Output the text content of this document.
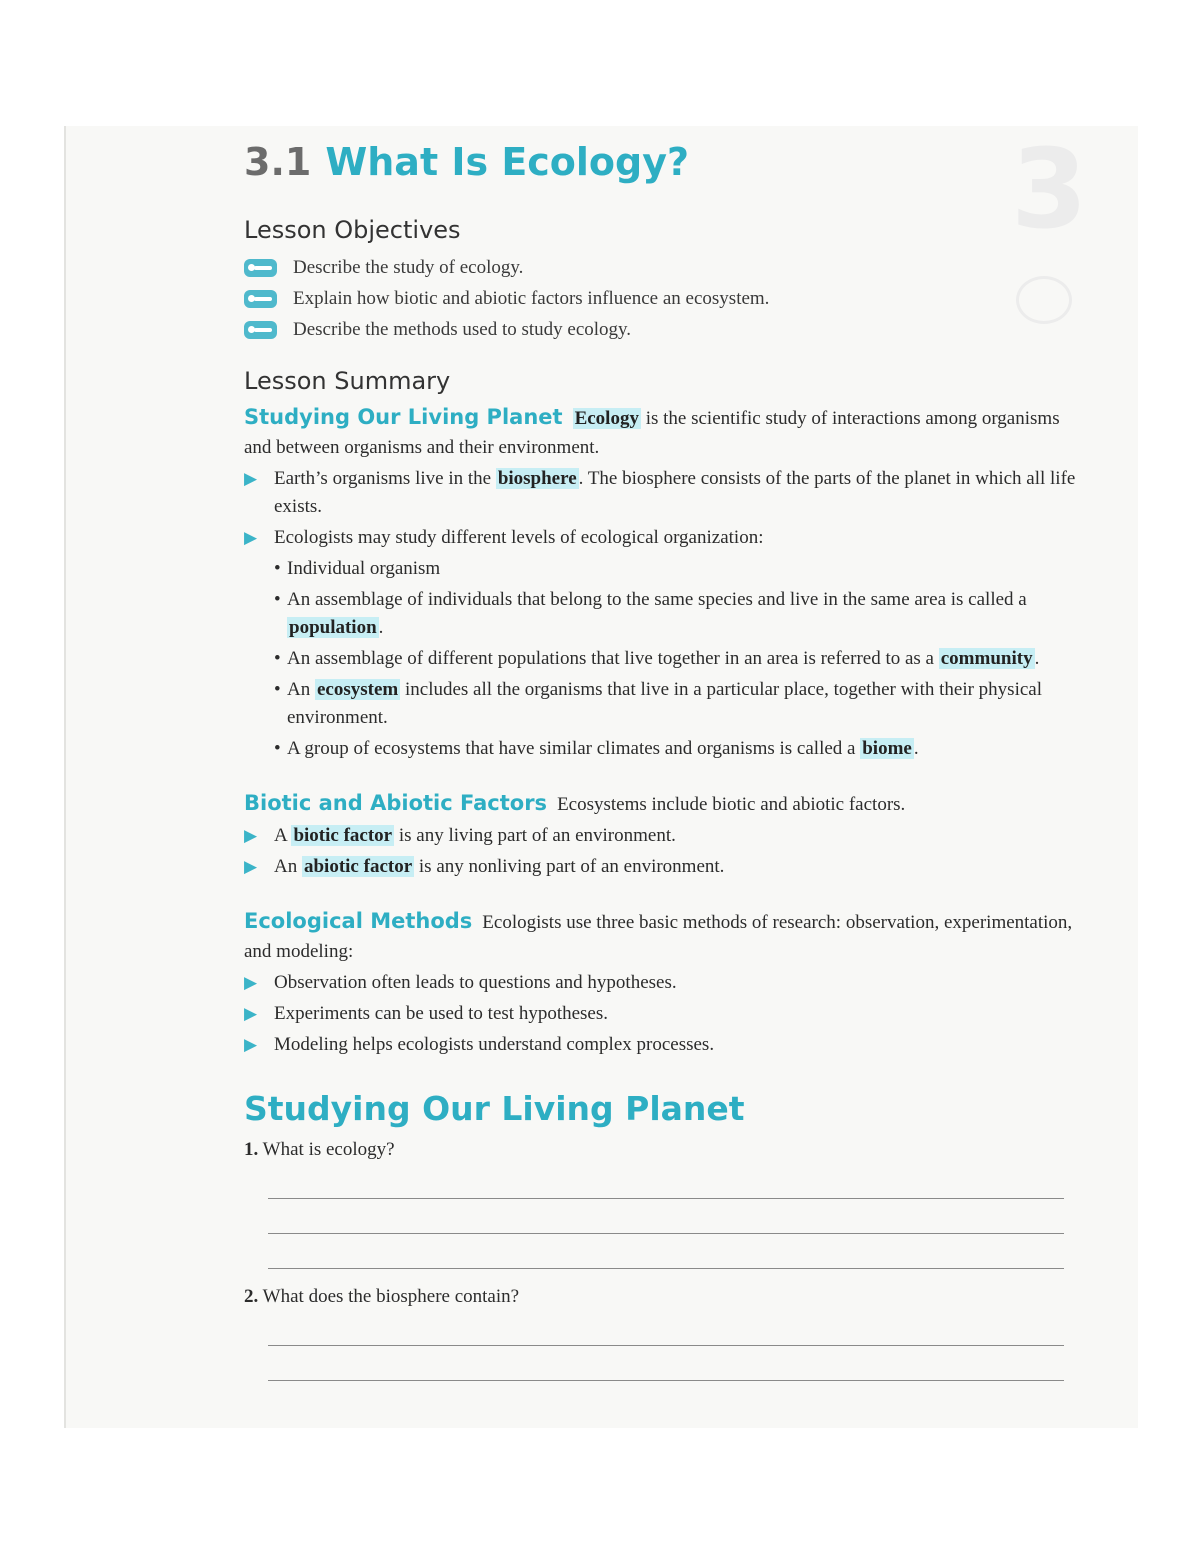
3
3.1 What Is Ecology?
Lesson Objectives
Describe the study of ecology.
Explain how biotic and abiotic factors influence an ecosystem.
Describe the methods used to study ecology.
Lesson Summary

Studying Our Living Planet Ecology is the scientific study of interactions among organisms and between organisms and their environment.

▶ Earth’s organisms live in the biosphere . The biosphere consists of the parts of the planet in which all life exists.
▶ Ecologists may study different levels of ecological organization:
• Individual organism
• An assemblage of individuals that belong to the same species and live in the same area is called a population .
• An assemblage of different populations that live together in an area is referred to as a community .
• An ecosystem includes all the organisms that live in a particular place, together with their physical environment.
• A group of ecosystems that have similar climates and organisms is called a biome .

Biotic and Abiotic Factors Ecosystems include biotic and abiotic factors.

▶ A biotic factor is any living part of an environment.
▶ An abiotic factor is any nonliving part of an environment.

Ecological Methods Ecologists use three basic methods of research: observation, experimentation, and modeling:

▶ Observation often leads to questions and hypotheses.
▶ Experiments can be used to test hypotheses.
▶ Modeling helps ecologists understand complex processes.
Studying Our Living Planet

1. What is ecology?

2. What does the biosphere contain?
